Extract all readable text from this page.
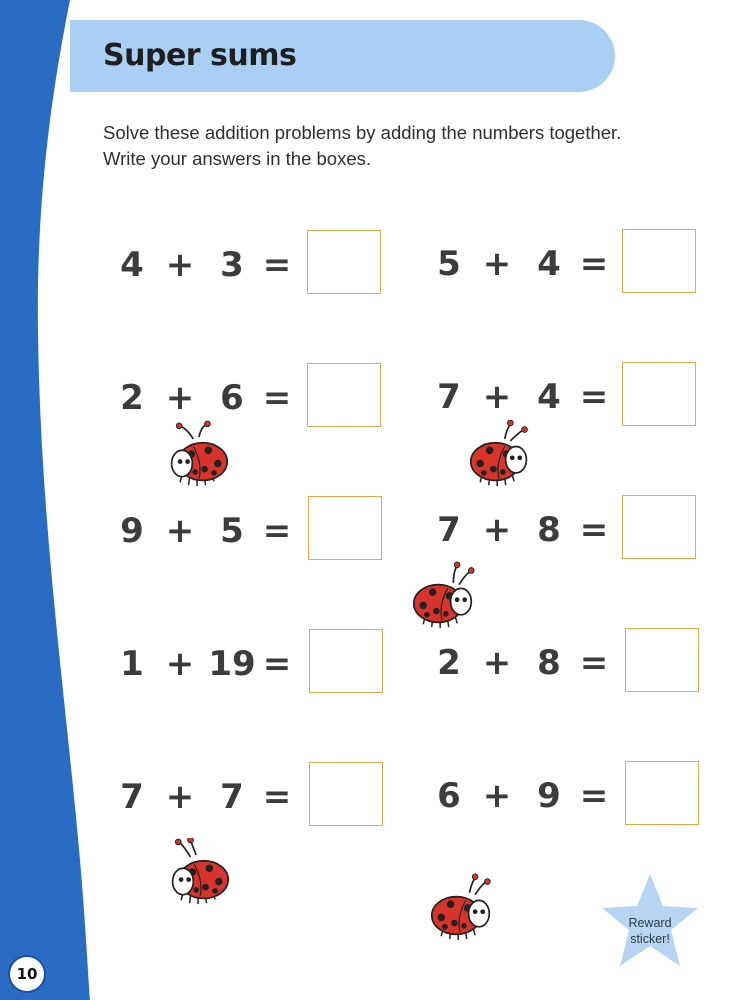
Super sums
Solve these addition problems by adding the numbers together.
Write your answers in the boxes.
4 + 3 =	5 + 4 =
2 + 6 =	7 + 4 =
9 + 5 =	7 + 8 =
1 + 19 =	2 + 8 =
7 + 7 =	6 + 9 =
Reward
sticker!
10
